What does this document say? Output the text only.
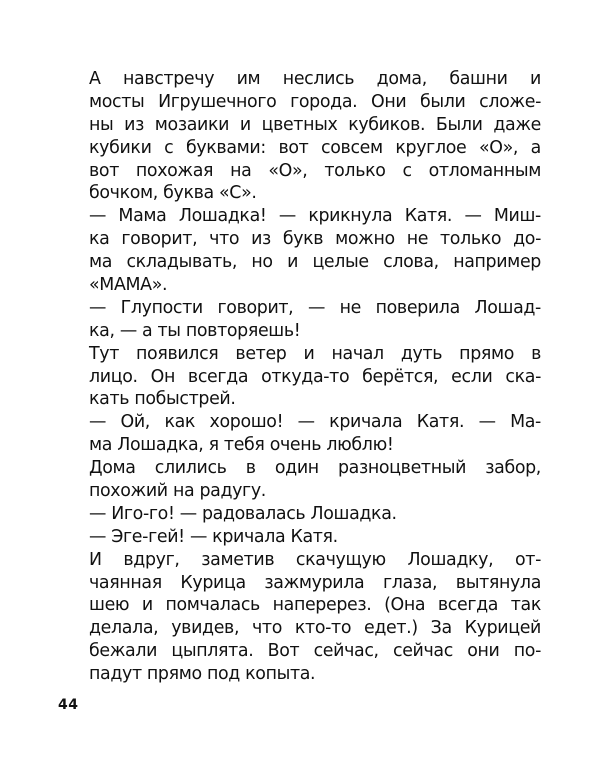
А навстречу им неслись дома, башни и
мосты Игрушечного города. Они были сложе-
ны из мозаики и цветных кубиков. Были даже
кубики с буквами: вот совсем круглое «О», а
вот похожая на «О», только с отломанным
бочком, буква «С».
— Мама Лошадка! — крикнула Катя. — Миш-
ка говорит, что из букв можно не только до-
ма складывать, но и целые слова, например
«МАМА».
— Глупости говорит, — не поверила Лошад-
ка, — а ты повторяешь!
Тут появился ветер и начал дуть прямо в
лицо. Он всегда откуда-то берётся, если ска-
кать побыстрей.
— Ой, как хорошо! — кричала Катя. — Ма-
ма Лошадка, я тебя очень люблю!
Дома слились в один разноцветный забор,
похожий на радугу.
— Иго-го! — радовалась Лошадка.
— Эге-гей! — кричала Катя.
И вдруг, заметив скачущую Лошадку, от-
чаянная Курица зажмурила глаза, вытянула
шею и помчалась наперерез. (Она всегда так
делала, увидев, что кто-то едет.) За Курицей
бежали цыплята. Вот сейчас, сейчас они по-
падут прямо под копыта.
44
